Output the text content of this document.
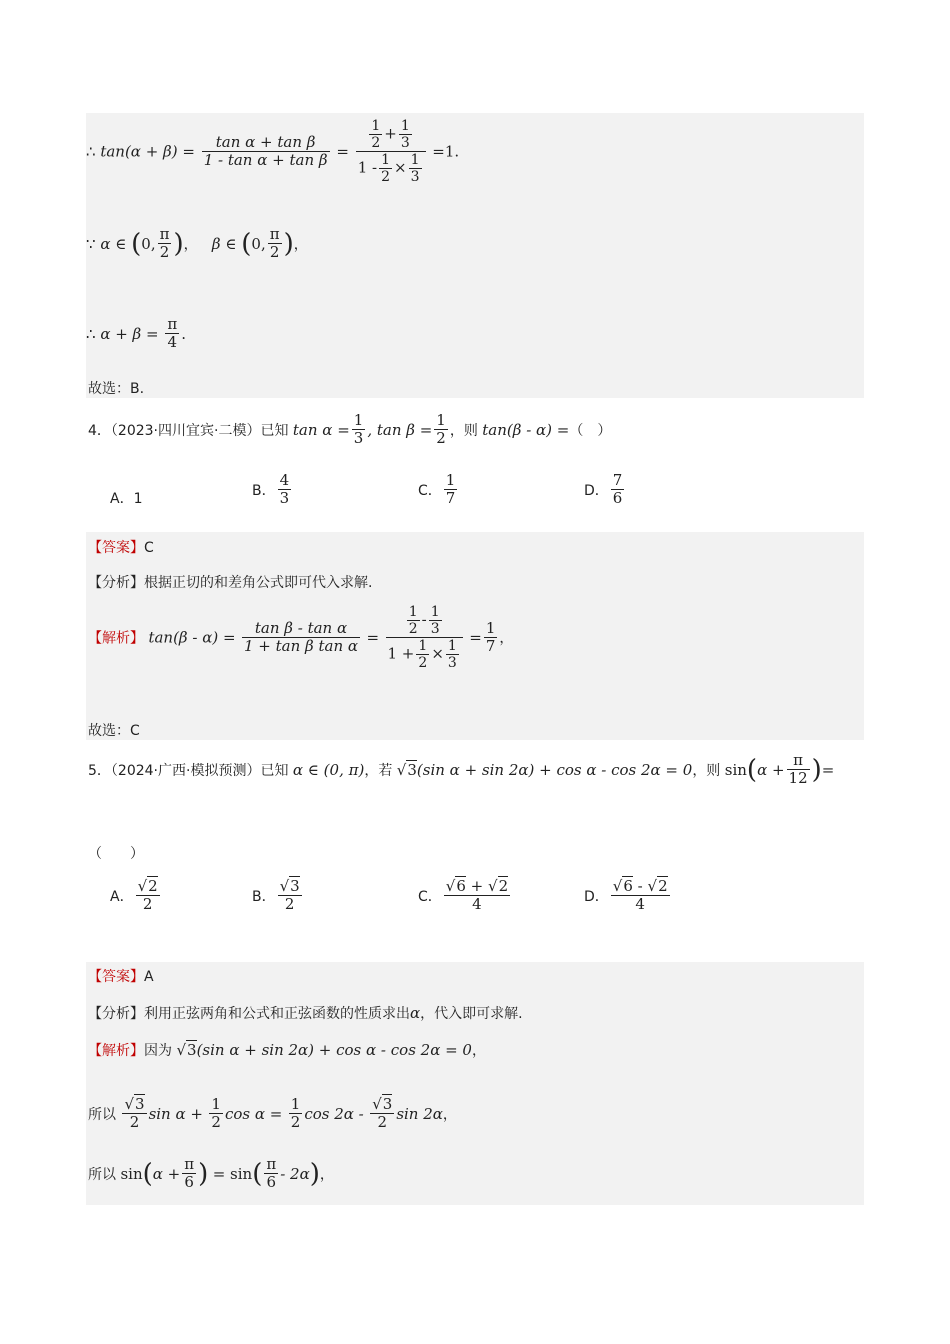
∴ $\tan(\alpha + \beta) = \frac{\text{tan α + tan β}}{\text{1 - tan α + tan β}} = \frac{\frac{1}{2} + \frac{1}{3}}{1 - \frac{1}{2} \times \frac{1}{3}} =1$.
∵ α ∈ (0, $\frac{\pi}{2}$ )， β ∈ (0, $\frac{\pi}{2}$ )，
∴ $\alpha + \beta = \frac{\pi}{4}$ .
故选：B.
4．（2023·四川宜宾·二模）已知 $\tan \alpha = \frac{1}{3}$ , $\tan \beta = \frac{1}{2}$ ，则 tan(β - α) =（　）
A．1
B． $\frac{4}{3}$	C． $\frac{1}{7}$	D． $\frac{7}{6}$
【答案】C
【分析】根据正切的和差角公式即可代入求解.
【解析】 $\tan(\beta - \alpha) = \frac{\text{tan β - tan α}}{\text{1 + tan β tan α}} = \frac{\frac{1}{2} - \frac{1}{3}}{1 + \frac{1}{2} \times \frac{1}{3}} = \frac{1}{7}$ ，
故选：C
5．（2024·广西·模拟预测）已知 α ∈ (0, π)，若 √3(sin α + sin 2α) + cos α - cos 2α = 0，则 $\sin(\alpha + \frac{\pi}{12}$ )=
（　　）
A． $\frac{√2}{2}$	B． $\frac{√3}{2}$	C． $\frac{√6 + √2}{4}$	D． $\frac{√6 - √2}{4}$
【答案】A
【分析】利用正弦两角和公式和正弦函数的性质求出α，代入即可求解.
【解析】因为 √3(sin α + sin 2α) + cos α - cos 2α = 0，
所以 $\frac{√3}{2}$ $\sin \alpha + \frac{1}{2}$ $\cos \alpha = \frac{1}{2}$ $\cos 2\alpha - \frac{√3}{2}$ sin 2α，
所以 $\sin(\alpha + \frac{\pi}{6}$ ) = $\sin( \frac{\pi}{6} - 2\alpha)$，
